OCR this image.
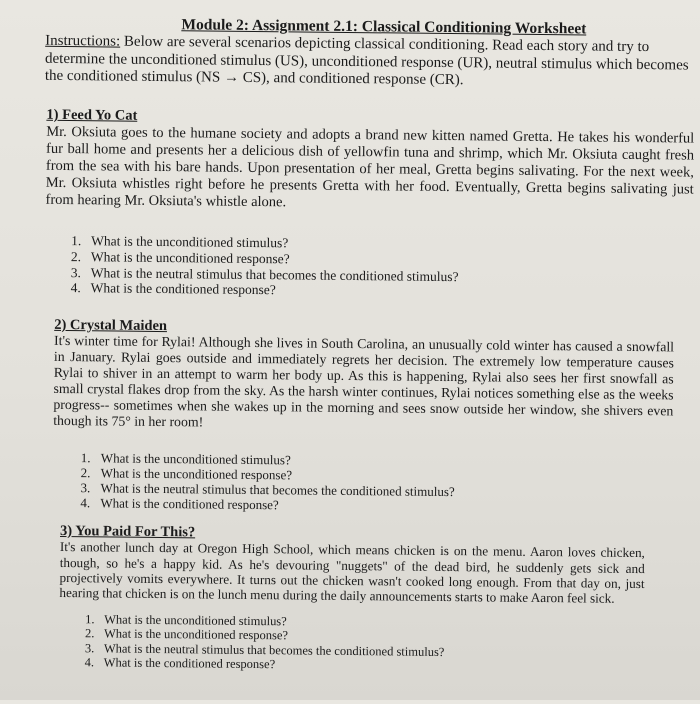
Module 2: Assignment 2.1: Classical Conditioning Worksheet
Instructions: Below are several scenarios depicting classical conditioning. Read each story and try to determine the unconditioned stimulus (US), unconditioned response (UR), neutral stimulus which becomes the conditioned stimulus (NS → CS), and conditioned response (CR).
1) Feed Yo Cat
Mr. Oksiuta goes to the humane society and adopts a brand new kitten named Gretta. He takes his wonderful fur ball home and presents her a delicious dish of yellowfin tuna and shrimp, which Mr. Oksiuta caught fresh from the sea with his bare hands. Upon presentation of her meal, Gretta begins salivating. For the next week, Mr. Oksiuta whistles right before he presents Gretta with her food. Eventually, Gretta begins salivating just from hearing Mr. Oksiuta's whistle alone.
1. What is the unconditioned stimulus?
2. What is the unconditioned response?
3. What is the neutral stimulus that becomes the conditioned stimulus?
4. What is the conditioned response?
2) Crystal Maiden
It's winter time for Rylai! Although she lives in South Carolina, an unusually cold winter has caused a snowfall in January. Rylai goes outside and immediately regrets her decision. The extremely low temperature causes Rylai to shiver in an attempt to warm her body up. As this is happening, Rylai also sees her first snowfall as small crystal flakes drop from the sky. As the harsh winter continues, Rylai notices something else as the weeks progress-- sometimes when she wakes up in the morning and sees snow outside her window, she shivers even though its 75° in her room!
1. What is the unconditioned stimulus?
2. What is the unconditioned response?
3. What is the neutral stimulus that becomes the conditioned stimulus?
4. What is the conditioned response?
3) You Paid For This?
It's another lunch day at Oregon High School, which means chicken is on the menu. Aaron loves chicken, though, so he's a happy kid. As he's devouring "nuggets" of the dead bird, he suddenly gets sick and projectively vomits everywhere. It turns out the chicken wasn't cooked long enough. From that day on, just hearing that chicken is on the lunch menu during the daily announcements starts to make Aaron feel sick.
1. What is the unconditioned stimulus?
2. What is the unconditioned response?
3. What is the neutral stimulus that becomes the conditioned stimulus?
4. What is the conditioned response?
